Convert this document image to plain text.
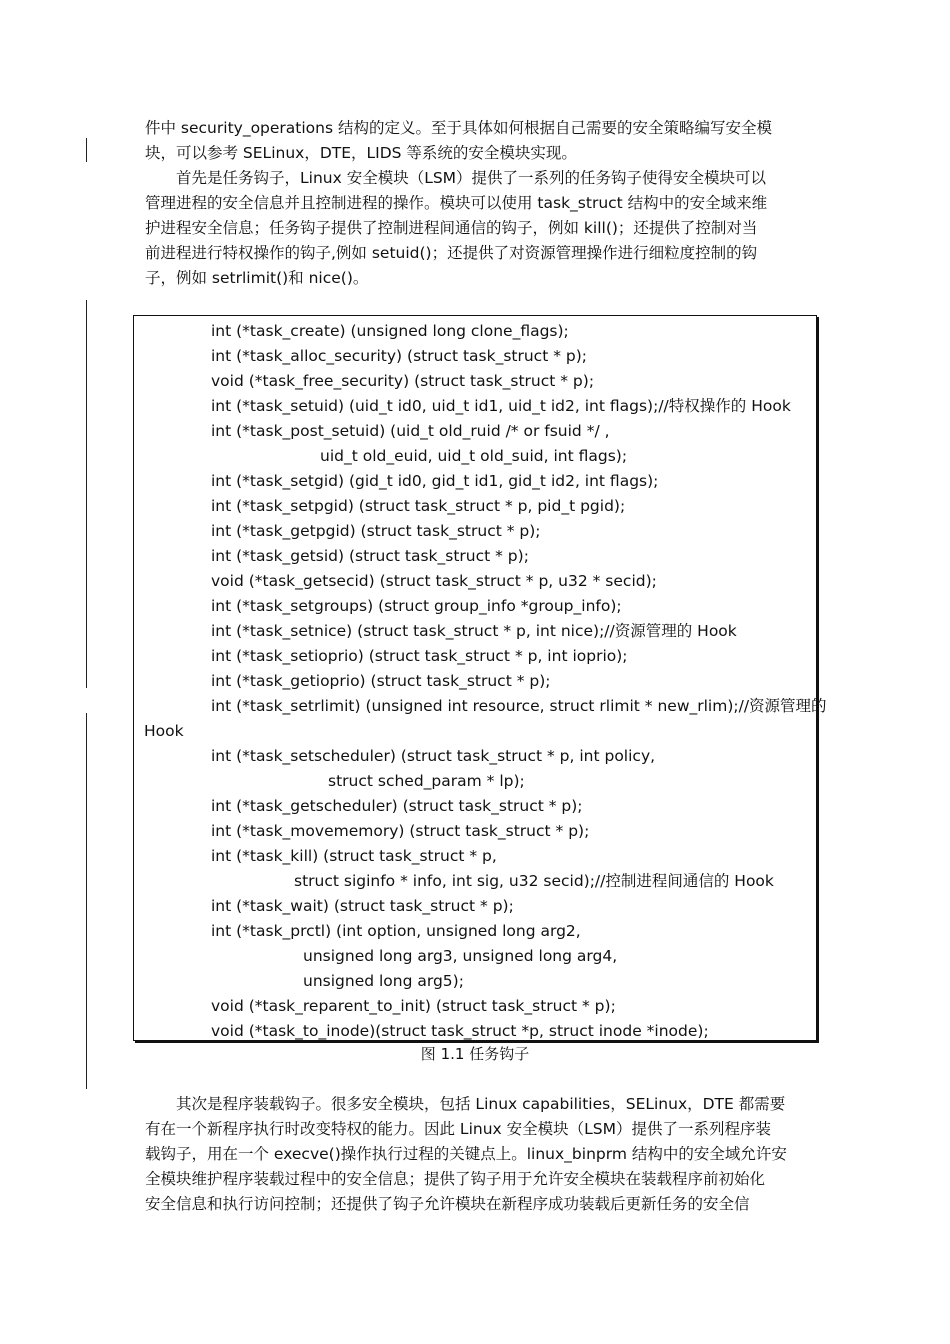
件中 security_operations 结构的定义。至于具体如何根据自己需要的安全策略编写安全模
块，可以参考 SELinux，DTE，LIDS 等系统的安全模块实现。
　　首先是任务钩子，Linux 安全模块（LSM）提供了一系列的任务钩子使得安全模块可以
管理进程的安全信息并且控制进程的操作。模块可以使用 task_struct 结构中的安全域来维
护进程安全信息；任务钩子提供了控制进程间通信的钩子，例如 kill()；还提供了控制对当
前进程进行特权操作的钩子,例如 setuid()；还提供了对资源管理操作进行细粒度控制的钩
子，例如 setrlimit()和 nice()。
int (*task_create) (unsigned long clone_flags);
int (*task_alloc_security) (struct task_struct * p);
void (*task_free_security) (struct task_struct * p);
int (*task_setuid) (uid_t id0, uid_t id1, uid_t id2, int flags);//特权操作的 Hook
int (*task_post_setuid) (uid_t old_ruid /* or fsuid */ ,
uid_t old_euid, uid_t old_suid, int flags);
int (*task_setgid) (gid_t id0, gid_t id1, gid_t id2, int flags);
int (*task_setpgid) (struct task_struct * p, pid_t pgid);
int (*task_getpgid) (struct task_struct * p);
int (*task_getsid) (struct task_struct * p);
void (*task_getsecid) (struct task_struct * p, u32 * secid);
int (*task_setgroups) (struct group_info *group_info);
int (*task_setnice) (struct task_struct * p, int nice);//资源管理的 Hook
int (*task_setioprio) (struct task_struct * p, int ioprio);
int (*task_getioprio) (struct task_struct * p);
int (*task_setrlimit) (unsigned int resource, struct rlimit * new_rlim);//资源管理的
Hook
int (*task_setscheduler) (struct task_struct * p, int policy,
struct sched_param * lp);
int (*task_getscheduler) (struct task_struct * p);
int (*task_movememory) (struct task_struct * p);
int (*task_kill) (struct task_struct * p,
struct siginfo * info, int sig, u32 secid);//控制进程间通信的 Hook
int (*task_wait) (struct task_struct * p);
int (*task_prctl) (int option, unsigned long arg2,
unsigned long arg3, unsigned long arg4,
unsigned long arg5);
void (*task_reparent_to_init) (struct task_struct * p);
void (*task_to_inode)(struct task_struct *p, struct inode *inode);
图 1.1 任务钩子
　　其次是程序装载钩子。很多安全模块，包括 Linux capabilities，SELinux，DTE 都需要
有在一个新程序执行时改变特权的能力。因此 Linux 安全模块（LSM）提供了一系列程序装
载钩子，用在一个 execve()操作执行过程的关键点上。linux_binprm 结构中的安全域允许安
全模块维护程序装载过程中的安全信息；提供了钩子用于允许安全模块在装载程序前初始化
安全信息和执行访问控制；还提供了钩子允许模块在新程序成功装载后更新任务的安全信
